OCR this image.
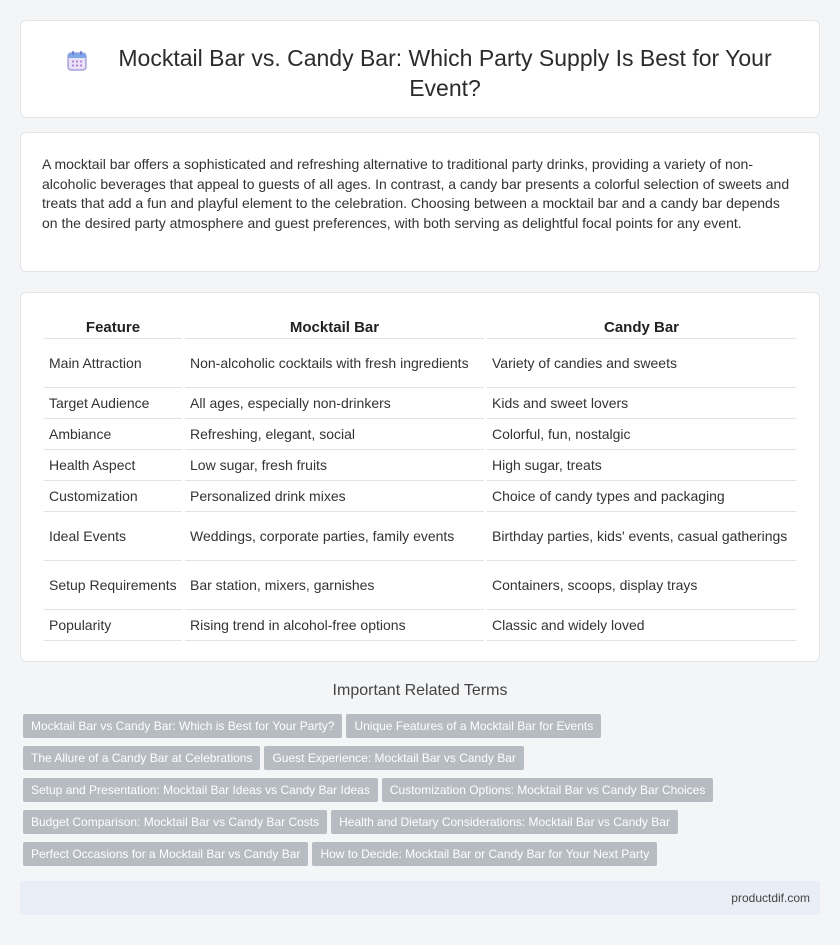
Mocktail Bar vs. Candy Bar: Which Party Supply Is Best for Your Event?

A mocktail bar offers a sophisticated and refreshing alternative to traditional party drinks, providing a variety of non-alcoholic beverages that appeal to guests of all ages. In contrast, a candy bar presents a colorful selection of sweets and treats that add a fun and playful element to the celebration. Choosing between a mocktail bar and a candy bar depends on the desired party atmosphere and guest preferences, with both serving as delightful focal points for any event.

Feature	Mocktail Bar	Candy Bar
Main Attraction	Non-alcoholic cocktails with fresh ingredients	Variety of candies and sweets
Target Audience	All ages, especially non-drinkers	Kids and sweet lovers
Ambiance	Refreshing, elegant, social	Colorful, fun, nostalgic
Health Aspect	Low sugar, fresh fruits	High sugar, treats
Customization	Personalized drink mixes	Choice of candy types and packaging
Ideal Events	Weddings, corporate parties, family events	Birthday parties, kids' events, casual gatherings
Setup Requirements	Bar station, mixers, garnishes	Containers, scoops, display trays
Popularity	Rising trend in alcohol-free options	Classic and widely loved
Important Related Terms
Mocktail Bar vs Candy Bar: Which is Best for Your Party? Unique Features of a Mocktail Bar for Events
The Allure of a Candy Bar at Celebrations Guest Experience: Mocktail Bar vs Candy Bar
Setup and Presentation: Mocktail Bar Ideas vs Candy Bar Ideas Customization Options: Mocktail Bar vs Candy Bar Choices
Budget Comparison: Mocktail Bar vs Candy Bar Costs Health and Dietary Considerations: Mocktail Bar vs Candy Bar
Perfect Occasions for a Mocktail Bar vs Candy Bar How to Decide: Mocktail Bar or Candy Bar for Your Next Party
productdif.com
